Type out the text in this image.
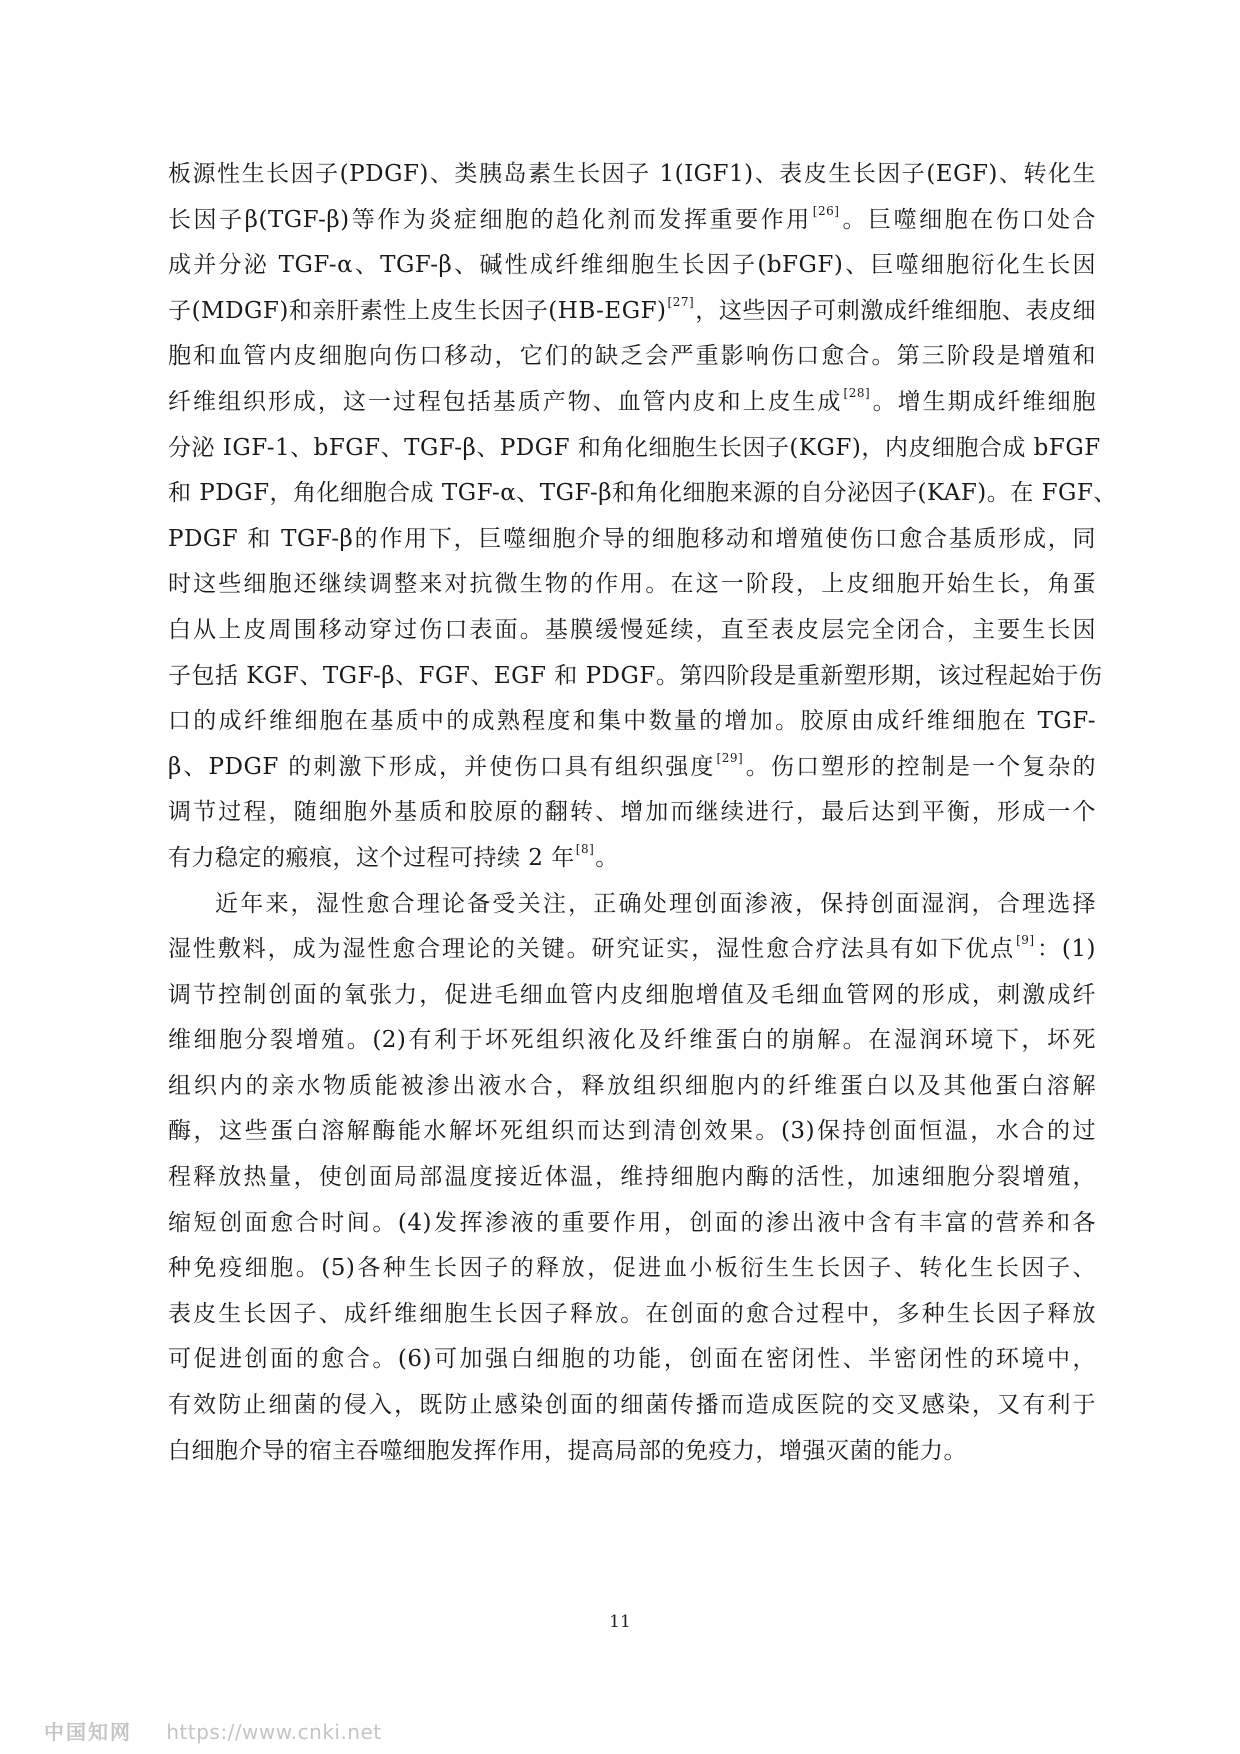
板源性生长因子(PDGF)、类胰岛素生长因子 1(IGF1)、表皮生长因子(EGF)、转化生
长因子β(TGF-β)等作为炎症细胞的趋化剂而发挥重要作用[26]。巨噬细胞在伤口处合
成并分泌 TGF-α、TGF-β、碱性成纤维细胞生长因子(bFGF)、巨噬细胞衍化生长因
子(MDGF)和亲肝素性上皮生长因子(HB-EGF)[27]，这些因子可刺激成纤维细胞、表皮细
胞和血管内皮细胞向伤口移动，它们的缺乏会严重影响伤口愈合。第三阶段是增殖和
纤维组织形成，这一过程包括基质产物、血管内皮和上皮生成[28]。增生期成纤维细胞
分泌 IGF-1、bFGF、TGF-β、PDGF 和角化细胞生长因子(KGF)，内皮细胞合成 bFGF
和 PDGF，角化细胞合成 TGF-α、TGF-β和角化细胞来源的自分泌因子(KAF)。在 FGF、
PDGF 和 TGF-β的作用下，巨噬细胞介导的细胞移动和增殖使伤口愈合基质形成，同
时这些细胞还继续调整来对抗微生物的作用。在这一阶段，上皮细胞开始生长，角蛋
白从上皮周围移动穿过伤口表面。基膜缓慢延续，直至表皮层完全闭合，主要生长因
子包括 KGF、TGF-β、FGF、EGF 和 PDGF。第四阶段是重新塑形期，该过程起始于伤
口的成纤维细胞在基质中的成熟程度和集中数量的增加。胶原由成纤维细胞在 TGF-
β、PDGF 的刺激下形成，并使伤口具有组织强度[29]。伤口塑形的控制是一个复杂的
调节过程，随细胞外基质和胶原的翻转、增加而继续进行，最后达到平衡，形成一个
有力稳定的瘢痕，这个过程可持续 2 年[8]。
近年来，湿性愈合理论备受关注，正确处理创面渗液，保持创面湿润，合理选择
湿性敷料，成为湿性愈合理论的关键。研究证实，湿性愈合疗法具有如下优点[9]：(1)
调节控制创面的氧张力，促进毛细血管内皮细胞增值及毛细血管网的形成，刺激成纤
维细胞分裂增殖。(2)有利于坏死组织液化及纤维蛋白的崩解。在湿润环境下，坏死
组织内的亲水物质能被渗出液水合，释放组织细胞内的纤维蛋白以及其他蛋白溶解
酶，这些蛋白溶解酶能水解坏死组织而达到清创效果。(3)保持创面恒温，水合的过
程释放热量，使创面局部温度接近体温，维持细胞内酶的活性，加速细胞分裂增殖，
缩短创面愈合时间。(4)发挥渗液的重要作用，创面的渗出液中含有丰富的营养和各
种免疫细胞。(5)各种生长因子的释放，促进血小板衍生生长因子、转化生长因子、
表皮生长因子、成纤维细胞生长因子释放。在创面的愈合过程中，多种生长因子释放
可促进创面的愈合。(6)可加强白细胞的功能，创面在密闭性、半密闭性的环境中，
有效防止细菌的侵入，既防止感染创面的细菌传播而造成医院的交叉感染，又有利于
白细胞介导的宿主吞噬细胞发挥作用，提高局部的免疫力，增强灭菌的能力。
11
中国知网 https://www.cnki.net
